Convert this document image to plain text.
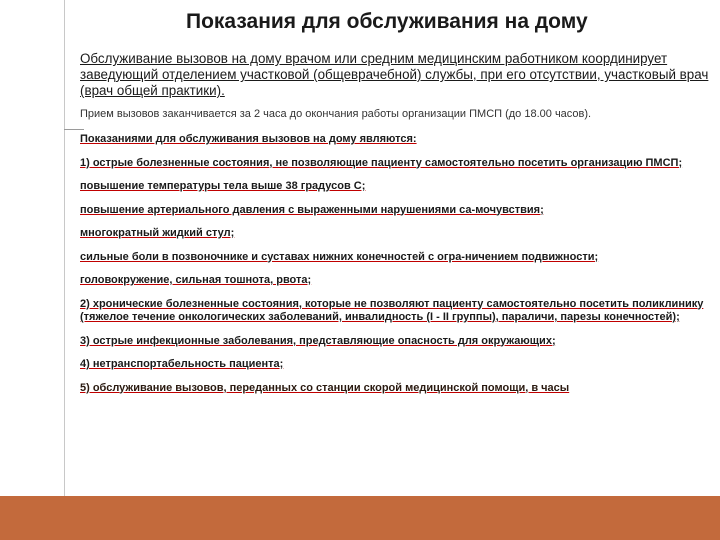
Показания для обслуживания на дому

Обслуживание вызовов на дому врачом или средним медицинским работником координирует заведующий отделением участковой (общеврачебной) службы, при его отсутствии, участковый врач (врач общей практики).

Прием вызовов заканчивается за 2 часа до окончания работы организации ПМСП (до 18.00 часов).

Показаниями для обслуживания вызовов на дому являются:

1) острые болезненные состояния, не позволяющие пациенту самостоятельно посетить организацию ПМСП;

повышение температуры тела выше 38 градусов С;

повышение артериального давления с выраженными нарушениями са-мочувствия;

многократный жидкий стул;

сильные боли в позвоночнике и суставах нижних конечностей с огра-ничением подвижности;

головокружение, сильная тошнота, рвота;

2) хронические болезненные состояния, которые не позволяют пациенту самостоятельно посетить поликлинику (тяжелое течение онкологических заболеваний, инвалидность (I - II группы), параличи, парезы конечностей);

3) острые инфекционные заболевания, представляющие опасность для окружающих;

4) нетранспортабельность пациента;

5) обслуживание вызовов, переданных со станции скорой медицинской помощи, в часы
